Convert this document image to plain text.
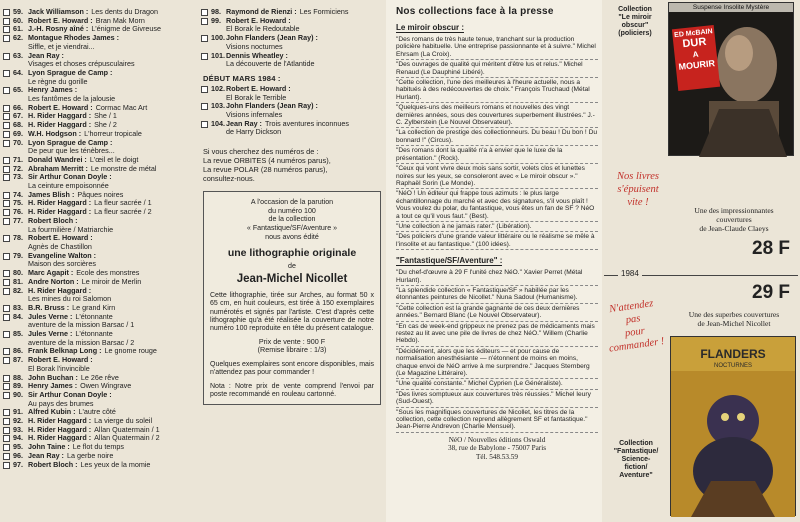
59. Jack Williamson : Les dents du Dragon
60. Robert E. Howard : Bran Mak Morn
61. J.-H. Rosny aîné : L'énigme de Givreuse
62. Montague Rhodes James :
Siffle, et je viendrai...
63. Jean Ray :
Visages et choses crépusculaires
64. Lyon Sprague de Camp :
Le règne du gorille
65. Henry James :
Les fantômes de la jalousie
66. Robert E. Howard : Cormac Mac Art
67. H. Rider Haggard : She / 1
68. H. Rider Haggard : She / 2
69. W.H. Hodgson : L'horreur tropicale
70. Lyon Sprague de Camp :
De peur que les ténèbres...
71. Donald Wandrei : L'œil et le doigt
72. Abraham Merritt : Le monstre de métal
73. Sir Arthur Conan Doyle :
La ceinture empoisonnée
74. James Blish : Pâques noires
75. H. Rider Haggard : La fleur sacrée / 1
76. H. Rider Haggard : La fleur sacrée / 2
77. Robert Bloch :
La fourmilière / Matriarchie
78. Robert E. Howard :
Agnès de Chastillon
79. Evangeline Walton :
Maison des sorcières
80. Marc Agapit : Ecole des monstres
81. Andre Norton : Le miroir de Merlin
82. H. Rider Haggard :
Les mines du roi Salomon
83. B.R. Bruss : Le grand Kirn
84. Jules Verne : L'étonnante
aventure de la mission Barsac / 1
85. Jules Verne : L'étonnante
aventure de la mission Barsac / 2
86. Frank Belknap Long : Le gnome rouge
87. Robert E. Howard :
El Borak l'invincible
88. John Buchan : Le 26e rêve
89. Henry James : Owen Wingrave
90. Sir Arthur Conan Doyle :
Au pays des brumes
91. Alfred Kubin : L'autre côté
92. H. Rider Haggard : La vierge du soleil
93. H. Rider Haggard : Allan Quatermain / 1
94. H. Rider Haggard : Allan Quatermain / 2
95. John Taine : Le flot du temps
96. Jean Ray : La gerbe noire
97. Robert Bloch : Les yeux de la momie
98. Raymond de Rienzi : Les Formiciens
99. Robert E. Howard :
El Borak le Redoutable
100. John Flanders (Jean Ray) :
Visions nocturnes
101. Dennis Wheatley :
La découverte de l'Atlantide
DÉBUT MARS 1984 :
102. Robert E. Howard :
El Borak le Terrible
103. John Flanders (Jean Ray) :
Visions infernales
104. Jean Ray : Trois aventures inconnues
de Harry Dickson
Si vous cherchez des numéros de :
La revue ORBITES (4 numéros parus),
La revue POLAR (28 numéros parus),
consultez-nous.
A l'occasion de la parution
du numéro 100
de la collection
« Fantastique/SF/Aventure »
nous avons édité
une lithographie originale
de
Jean-Michel Nicollet
Cette lithographie, tirée sur Arches, au format 50 x 65 cm, en huit couleurs, est tirée à 150 exemplaires numérotés et signés par l'artiste. C'est d'après cette lithographie qu'a été réalisée la couverture de notre numéro 100 reproduite en tête du présent catalogue.
Prix de vente : 900 F
(Remise libraire : 1/3)
Quelques exemplaires sont encore disponibles, mais n'attendez pas pour commander !
Nota : Notre prix de vente comprend l'envoi par poste recommandé en rouleau cartonné.
Nos collections face à la presse
Le miroir obscur :
"Des romans de très haute tenue, tranchant sur la production policière habituelle. Une entreprise passionnante et à suivre." Michel Ehrsam (La Croix).
"Des ouvrages de qualité qui méritent d'être lus et relus." Michel Renaud (Le Dauphiné Libéré).
"Cette collection, l'une des meilleures à l'heure actuelle, nous a habitués à des redécouvertes de choix." François Truchaud (Métal Hurlant).
"Quelques-uns des meilleurs romans et nouvelles des vingt dernières années, sous des couvertures superbement illustrées." J.-C. Zylberstein (Le Nouvel Observateur).
"La collection de prestige des collectionneurs. Du beau ! Du bon ! Du bonnard !" (Circus).
"Des romans dont la qualité n'a à envier que le luxe de la présentation." (Rock).
"Ceux qui vont vivre deux mois sans sortir, volets clos et lunettes noires sur les yeux, se consoleront avec « Le miroir obscur »." Raphaël Sorin (Le Monde).
"NéO ! Un éditeur qui frappe tous azimuts : le plus large échantillonnage du marché et avec des signatures, s'il vous plaît ! Vous voulez du polar, du fantastique, vous êtes un fan de SF ? NéO a tout ce qu'il vous faut." (Best).
"Une collection à ne jamais rater." (Libération).
"Des policiers d'une grande valeur littéraire ou le réalisme se mêle à l'insolite et au fantastique." (100 idées).
"Fantastique/SF/Aventure" :
"Du chef-d'œuvre à 29 F l'unité chez NéO." Xavier Perret (Métal Hurlant).
"La splendide collection « Fantastique/SF » habillée par les étonnantes peintures de Nicollet." Nuna Sadoul (Humanisme).
"Cette collection est la grande gagnante de ces deux dernières années." Bernard Blanc (Le Nouvel Observateur).
"En cas de week-end grippeux ne prenez pas de médicaments mais restez au lit avec une pile de livres de chez NéO." Willem (Charlie Hebdo).
"Décidément, alors que les éditeurs — et pour cause de normalisation anesthésiante — n'étonnent de moins en moins, chaque envoi de NéO arrive à me surprendre." Jacques Sternberg (Le Magazine Littéraire).
"Une qualité constante." Michel Cyprien (Le Généraliste).
"Des livres somptueux aux couvertures très réussies." Michel Ieury (Sud-Ouest).
"Sous les magnifiques couvertures de Nicollet, les titres de la collection, cette collection reprend allègrement SF et fantastique." Jean-Pierre Andrevon (Charlie Mensuel).
NéO / Nouvelles éditions Oswald
38, rue de Babylone - 75007 Paris
Tél. 548.53.59
Collection
"Le miroir
obscur"
(policiers)
Suspense Insolite Mystère
ED McBAIN
DUR
A
MOURIR
Nos livres
s'épuisent
vite !
Une des impressionnantes
couvertures
de Jean-Claude Claeys
28 F
1984
29 F
Une des superbes couvertures
de Jean-Michel Nicollet
N'attendez
pas
pour
commander !	FLANDERS
NOCTURNES
Collection
"Fantastique/
Science-
fiction/
Aventure"
